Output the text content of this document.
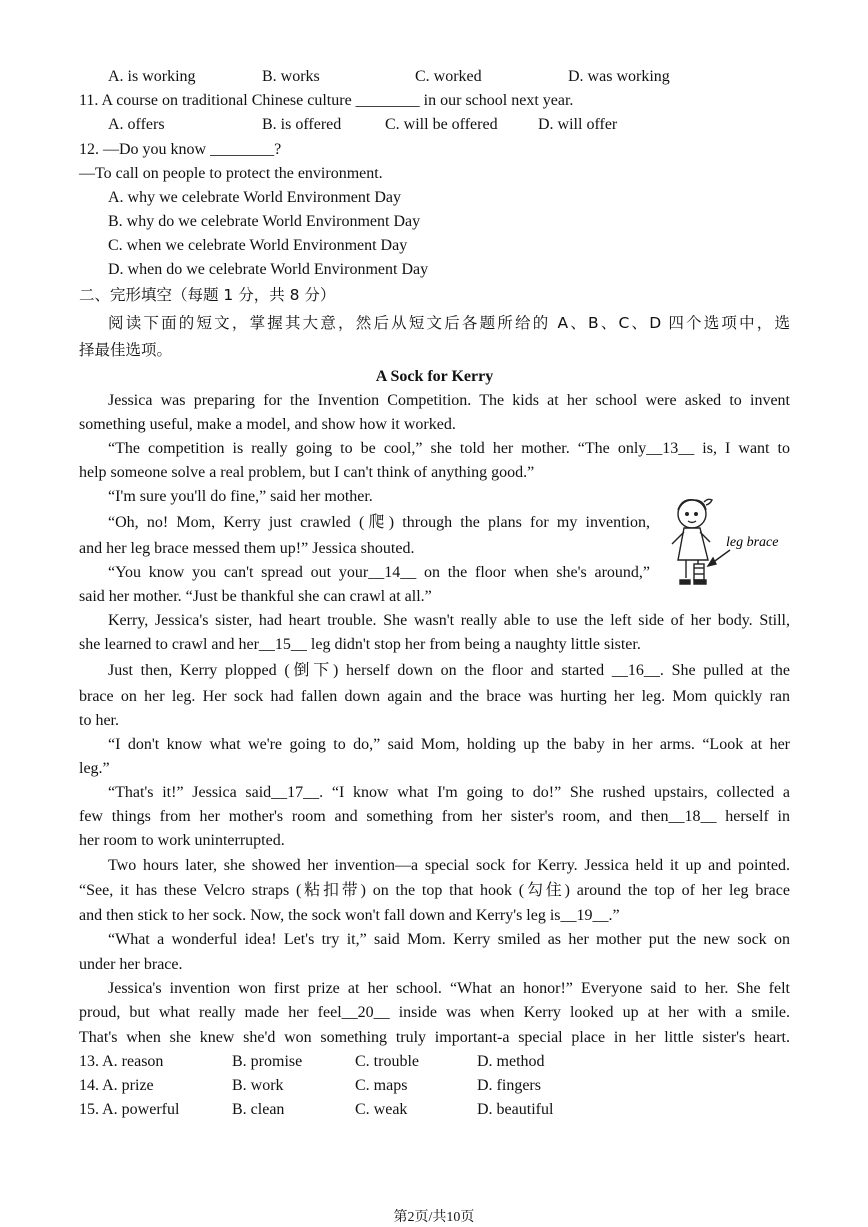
A. is working	B. works	C. worked	D. was working
11. A course on traditional Chinese culture ________ in our school next year.
A. offers	B. is offered	C. will be offered	D. will offer
12. —Do you know ________?
—To call on people to protect the environment.
A. why we celebrate World Environment Day
B. why do we celebrate World Environment Day
C. when we celebrate World Environment Day
D. when do we celebrate World Environment Day
二、完形填空（每题 1 分，共 8 分）
阅读下面的短文，掌握其大意，然后从短文后各题所给的 A、B、C、D 四个选项中，选
择最佳选项。
A Sock for Kerry
Jessica was preparing for the Invention Competition. The kids at her school were asked to invent
something useful, make a model, and show how it worked.
“The competition is really going to be cool,” she told her mother. “The only__13__ is, I want to
help someone solve a real problem, but I can't think of anything good.”
“I'm sure you'll do fine,” said her mother.
“Oh, no! Mom, Kerry just crawled (爬) through the plans for my invention,
and her leg brace messed them up!” Jessica shouted.
“You know you can't spread out your__14__ on the floor when she's around,”
said her mother. “Just be thankful she can crawl at all.”
Kerry, Jessica's sister, had heart trouble. She wasn't really able to use the left side of her body. Still,
she learned to crawl and her__15__ leg didn't stop her from being a naughty little sister.
Just then, Kerry plopped (倒下) herself down on the floor and started __16__. She pulled at the
brace on her leg. Her sock had fallen down again and the brace was hurting her leg. Mom quickly ran
to her.
“I don't know what we're going to do,” said Mom, holding up the baby in her arms. “Look at her
leg.”
“That's it!” Jessica said__17__. “I know what I'm going to do!” She rushed upstairs, collected a
few things from her mother's room and something from her sister's room, and then__18__ herself in
her room to work uninterrupted.
Two hours later, she showed her invention—a special sock for Kerry. Jessica held it up and pointed.
“See, it has these Velcro straps (粘扣带) on the top that hook (勾住) around the top of her leg brace
and then stick to her sock. Now, the sock won't fall down and Kerry's leg is__19__.”
“What a wonderful idea! Let's try it,” said Mom. Kerry smiled as her mother put the new sock on
under her brace.
Jessica's invention won first prize at her school. “What an honor!” Everyone said to her. She felt
proud, but what really made her feel__20__ inside was when Kerry looked up at her with a smile.
That's when she knew she'd won something truly important-a special place in her little sister's heart.
13. A. reason	B. promise	C. trouble	D. method
14. A. prize	B. work	C. maps	D. fingers
15. A. powerful	B. clean	C. weak	D. beautiful
leg brace
第2页/共10页
